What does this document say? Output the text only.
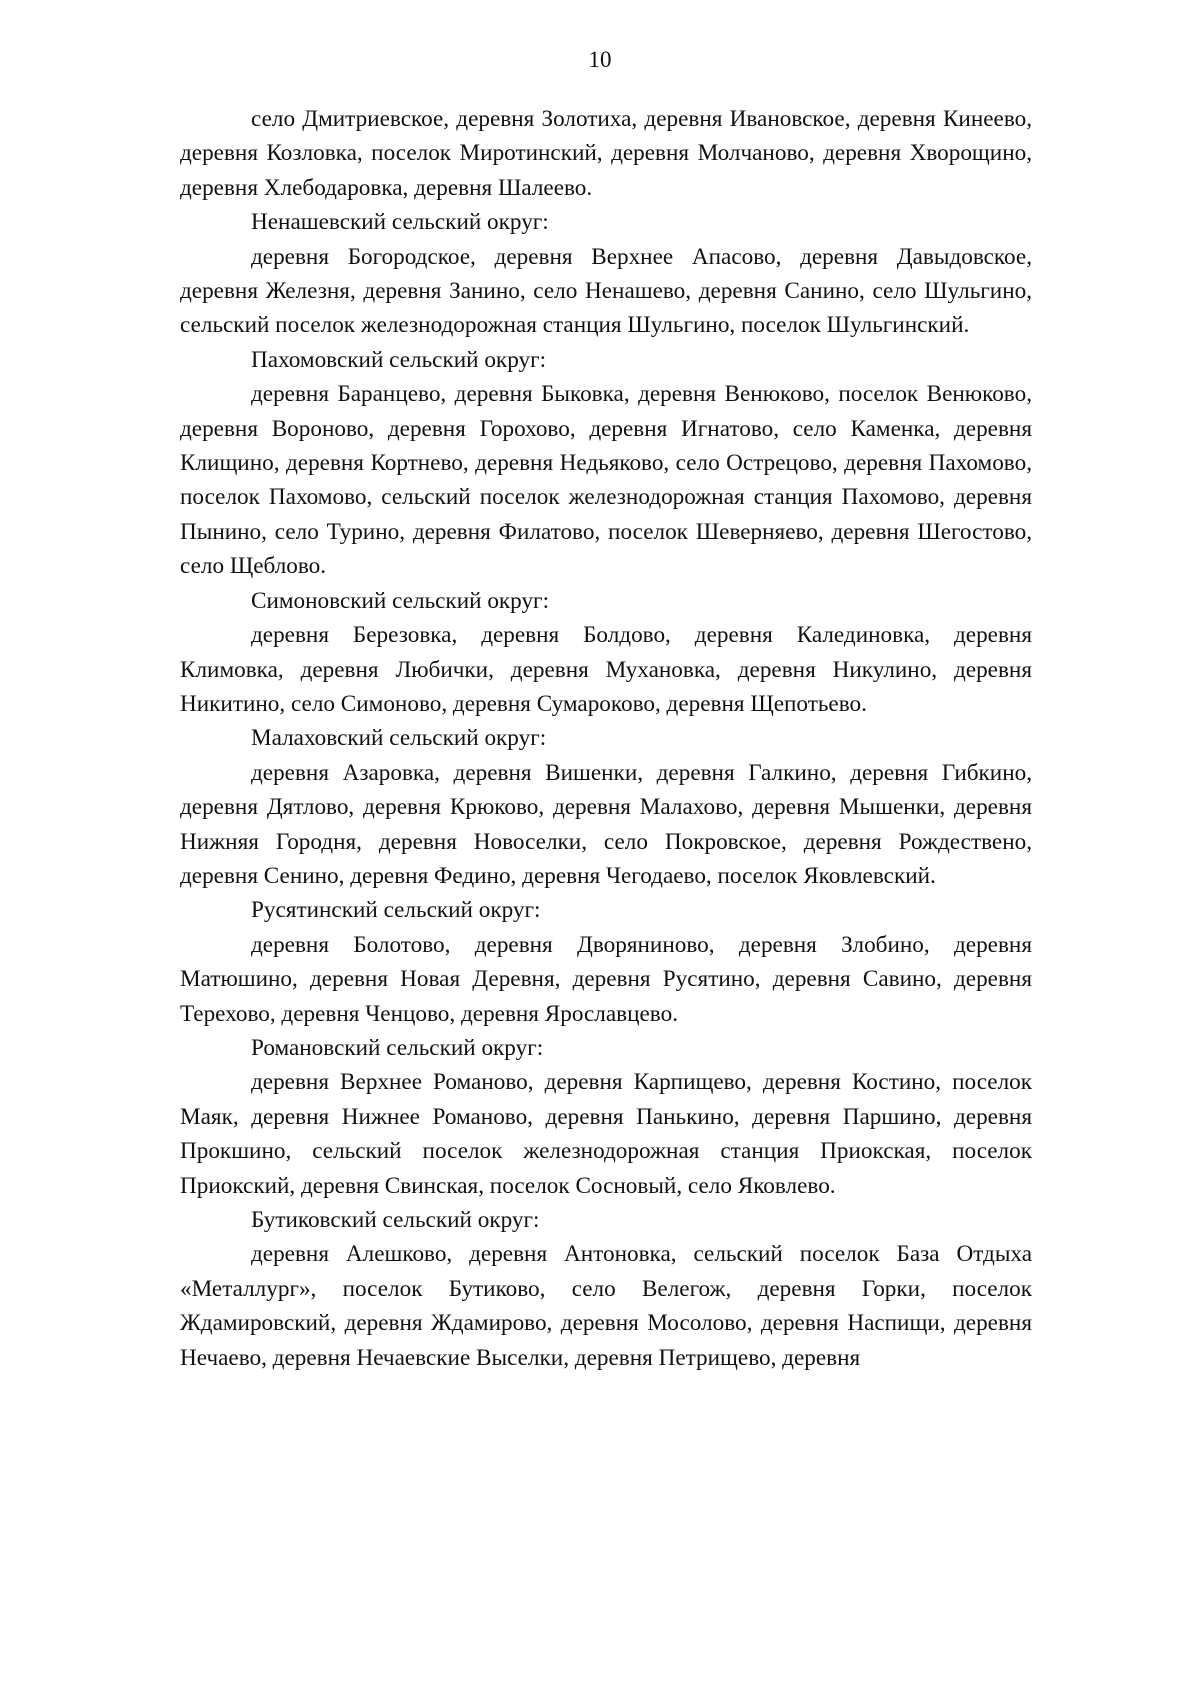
10

село Дмитриевское, деревня Золотиха, деревня Ивановское, деревня Кинеево, деревня Козловка, поселок Миротинский, деревня Молчаново, деревня Хворощино, деревня Хлебодаровка, деревня Шалеево.

Ненашевский сельский округ:

деревня Богородское, деревня Верхнее Апасово, деревня Давыдовское, деревня Железня, деревня Занино, село Ненашево, деревня Санино, село Шульгино, сельский поселок железнодорожная станция Шульгино, поселок Шульгинский.

Пахомовский сельский округ:

деревня Баранцево, деревня Быковка, деревня Венюково, поселок Венюково, деревня Вороново, деревня Горохово, деревня Игнатово, село Каменка, деревня Клищино, деревня Кортнево, деревня Недьяково, село Острецово, деревня Пахомово, поселок Пахомово, сельский поселок железнодорожная станция Пахомово, деревня Пынино, село Турино, деревня Филатово, поселок Шеверняево, деревня Шегостово, село Щеблово.

Симоновский сельский округ:

деревня Березовка, деревня Болдово, деревня Калединовка, деревня Климовка, деревня Любички, деревня Мухановка, деревня Никулино, деревня Никитино, село Симоново, деревня Сумароково, деревня Щепотьево.

Малаховский сельский округ:

деревня Азаровка, деревня Вишенки, деревня Галкино, деревня Гибкино, деревня Дятлово, деревня Крюково, деревня Малахово, деревня Мышенки, деревня Нижняя Городня, деревня Новоселки, село Покровское, деревня Рождествено, деревня Сенино, деревня Федино, деревня Чегодаево, поселок Яковлевский.

Русятинский сельский округ:

деревня Болотово, деревня Дворяниново, деревня Злобино, деревня Матюшино, деревня Новая Деревня, деревня Русятино, деревня Савино, деревня Терехово, деревня Ченцово, деревня Ярославцево.

Романовский сельский округ:

деревня Верхнее Романово, деревня Карпищево, деревня Костино, поселок Маяк, деревня Нижнее Романово, деревня Панькино, деревня Паршино, деревня Прокшино, сельский поселок железнодорожная станция Приокская, поселок Приокский, деревня Свинская, поселок Сосновый, село Яковлево.

Бутиковский сельский округ:

деревня Алешково, деревня Антоновка, сельский поселок База Отдыха «Металлург», поселок Бутиково, село Велегож, деревня Горки, поселок Ждамировский, деревня Ждамирово, деревня Мосолово, деревня Наспищи, деревня Нечаево, деревня Нечаевские Выселки, деревня Петрищево, деревня
